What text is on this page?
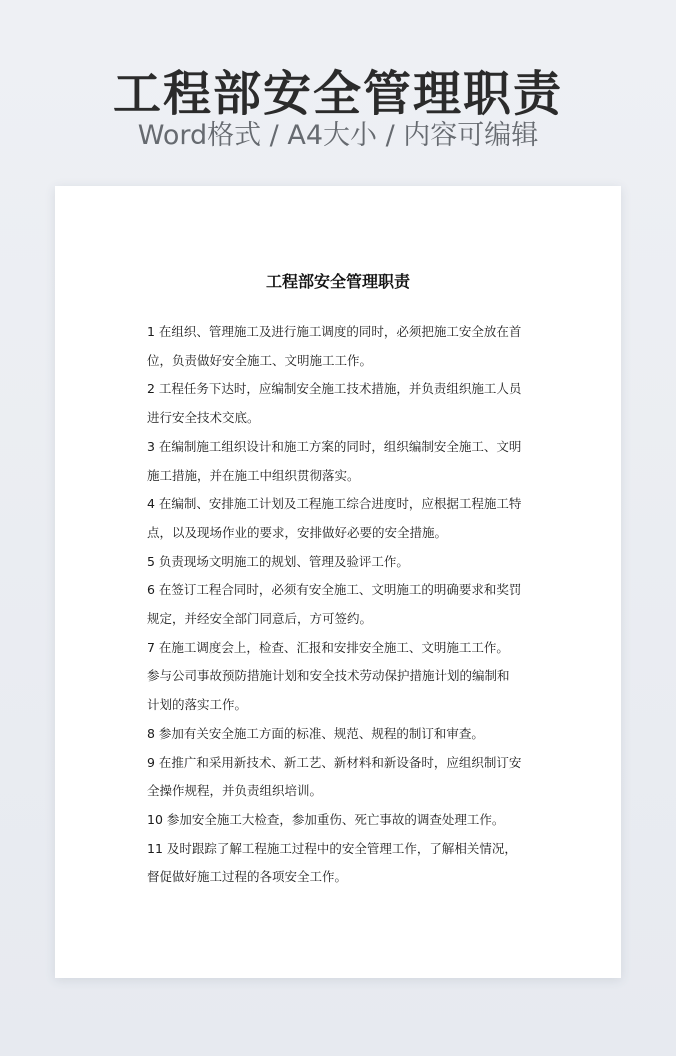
工程部安全管理职责
Word格式 / A4大小 / 内容可编辑
工程部安全管理职责

1 在组织、管理施工及进行施工调度的同时，必须把施工安全放在首

位，负责做好安全施工、文明施工工作。

2 工程任务下达时，应编制安全施工技术措施，并负责组织施工人员

进行安全技术交底。

3 在编制施工组织设计和施工方案的同时，组织编制安全施工、文明

施工措施，并在施工中组织贯彻落实。

4 在编制、安排施工计划及工程施工综合进度时，应根据工程施工特

点，以及现场作业的要求，安排做好必要的安全措施。

5 负责现场文明施工的规划、管理及验评工作。

6 在签订工程合同时，必须有安全施工、文明施工的明确要求和奖罚

规定，并经安全部门同意后，方可签约。

7 在施工调度会上，检查、汇报和安排安全施工、文明施工工作。

参与公司事故预防措施计划和安全技术劳动保护措施计划的编制和

计划的落实工作。

8 参加有关安全施工方面的标准、规范、规程的制订和审查。

9 在推广和采用新技术、新工艺、新材料和新设备时，应组织制订安

全操作规程，并负责组织培训。

10 参加安全施工大检查，参加重伤、死亡事故的调查处理工作。

11 及时跟踪了解工程施工过程中的安全管理工作，了解相关情况，

督促做好施工过程的各项安全工作。
